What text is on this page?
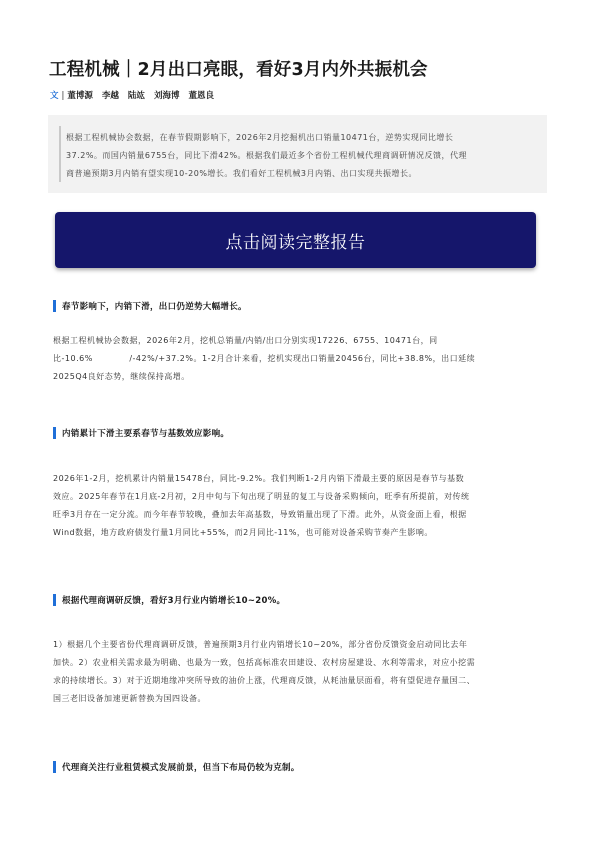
工程机械｜2月出口亮眼，看好3月内外共振机会
文 | 董博源 李越 陆竑 刘海博 董恩良
根据工程机械协会数据，在春节假期影响下，2026年2月挖掘机出口销量10471台，逆势实现同比增长
37.2%。而国内销量6755台，同比下滑42%。根据我们最近多个省份工程机械代理商调研情况反馈，代理
商普遍预期3月内销有望实现10-20%增长。我们看好工程机械3月内销、出口实现共振增长。
点击阅读完整报告
春节影响下，内销下滑，出口仍逆势大幅增长。
根据工程机械协会数据，2026年2月，挖机总销量/内销/出口分别实现17226、6755、10471台，同
比-10.6%            /-42%/+37.2%。1-2月合计来看，挖机实现出口销量20456台，同比+38.8%，出口延续
2025Q4良好态势，继续保持高增。
内销累计下滑主要系春节与基数效应影响。
2026年1-2月，挖机累计内销量15478台，同比-9.2%。我们判断1-2月内销下滑最主要的原因是春节与基数
效应。2025年春节在1月底-2月初，2月中旬与下旬出现了明显的复工与设备采购倾向，旺季有所提前，对传统
旺季3月存在一定分流。而今年春节较晚，叠加去年高基数，导致销量出现了下滑。此外，从资金面上看，根据
Wind数据，地方政府债发行量1月同比+55%，而2月同比-11%，也可能对设备采购节奏产生影响。
根据代理商调研反馈，看好3月行业内销增长10~20%。
1）根据几个主要省份代理商调研反馈，普遍预期3月行业内销增长10~20%，部分省份反馈资金启动同比去年
加快。2）农业相关需求最为明确、也最为一致，包括高标准农田建设、农村房屋建设、水利等需求，对应小挖需
求的持续增长。3）对于近期地缘冲突所导致的油价上涨，代理商反馈，从耗油量层面看，将有望促进存量国二、
国三老旧设备加速更新替换为国四设备。
代理商关注行业租赁模式发展前景，但当下布局仍较为克制。
